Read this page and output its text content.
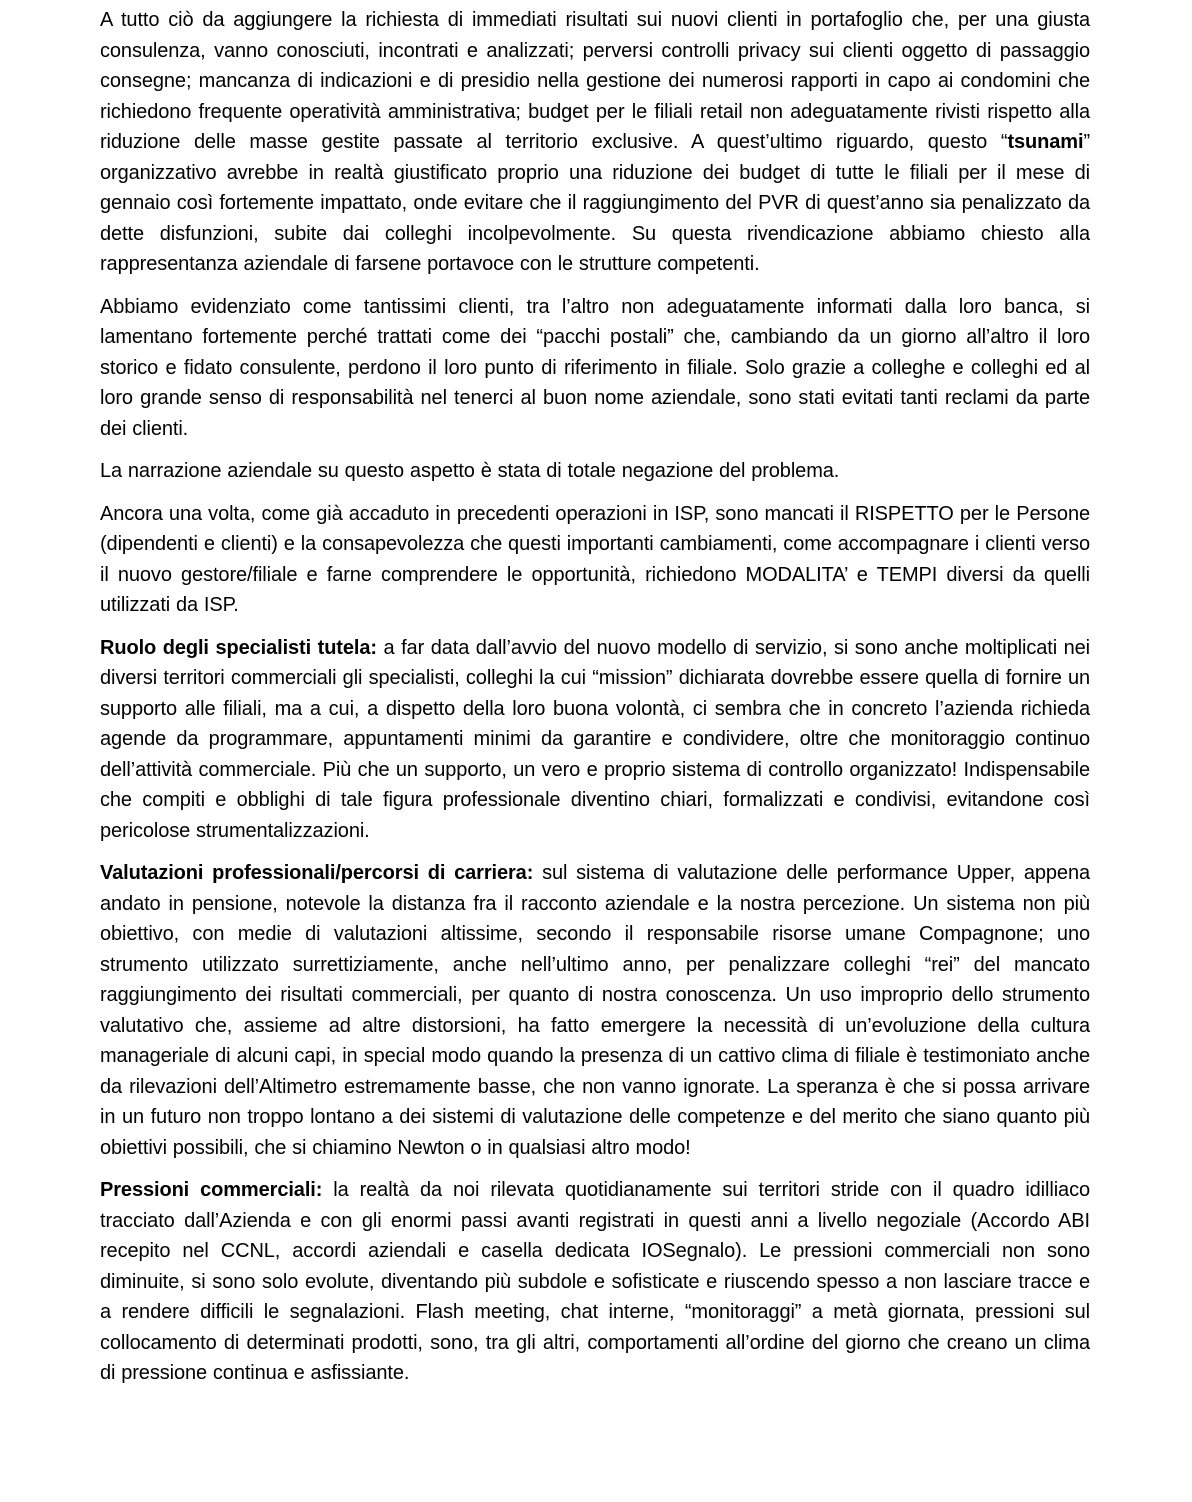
A tutto ciò da aggiungere la richiesta di immediati risultati sui nuovi clienti in portafoglio che, per una giusta consulenza, vanno conosciuti, incontrati e analizzati; perversi controlli privacy sui clienti oggetto di passaggio consegne; mancanza di indicazioni e di presidio nella gestione dei numerosi rapporti in capo ai condomini che richiedono frequente operatività amministrativa; budget per le filiali retail non adeguatamente rivisti rispetto alla riduzione delle masse gestite passate al territorio exclusive. A quest’ultimo riguardo, questo “tsunami” organizzativo avrebbe in realtà giustificato proprio una riduzione dei budget di tutte le filiali per il mese di gennaio così fortemente impattato, onde evitare che il raggiungimento del PVR di quest’anno sia penalizzato da dette disfunzioni, subite dai colleghi incolpevolmente. Su questa rivendicazione abbiamo chiesto alla rappresentanza aziendale di farsene portavoce con le strutture competenti.

Abbiamo evidenziato come tantissimi clienti, tra l’altro non adeguatamente informati dalla loro banca, si lamentano fortemente perché trattati come dei “pacchi postali” che, cambiando da un giorno all’altro il loro storico e fidato consulente, perdono il loro punto di riferimento in filiale. Solo grazie a colleghe e colleghi ed al loro grande senso di responsabilità nel tenerci al buon nome aziendale, sono stati evitati tanti reclami da parte dei clienti.

La narrazione aziendale su questo aspetto è stata di totale negazione del problema.

Ancora una volta, come già accaduto in precedenti operazioni in ISP, sono mancati il RISPETTO per le Persone (dipendenti e clienti) e la consapevolezza che questi importanti cambiamenti, come accompagnare i clienti verso il nuovo gestore/filiale e farne comprendere le opportunità, richiedono MODALITA’ e TEMPI diversi da quelli utilizzati da ISP.

Ruolo degli specialisti tutela: a far data dall’avvio del nuovo modello di servizio, si sono anche moltiplicati nei diversi territori commerciali gli specialisti, colleghi la cui “mission” dichiarata dovrebbe essere quella di fornire un supporto alle filiali, ma a cui, a dispetto della loro buona volontà, ci sembra che in concreto l’azienda richieda agende da programmare, appuntamenti minimi da garantire e condividere, oltre che monitoraggio continuo dell’attività commerciale. Più che un supporto, un vero e proprio sistema di controllo organizzato! Indispensabile che compiti e obblighi di tale figura professionale diventino chiari, formalizzati e condivisi, evitandone così pericolose strumentalizzazioni.

Valutazioni professionali/percorsi di carriera: sul sistema di valutazione delle performance Upper, appena andato in pensione, notevole la distanza fra il racconto aziendale e la nostra percezione. Un sistema non più obiettivo, con medie di valutazioni altissime, secondo il responsabile risorse umane Compagnone; uno strumento utilizzato surrettiziamente, anche nell’ultimo anno, per penalizzare colleghi “rei” del mancato raggiungimento dei risultati commerciali, per quanto di nostra conoscenza. Un uso improprio dello strumento valutativo che, assieme ad altre distorsioni, ha fatto emergere la necessità di un’evoluzione della cultura manageriale di alcuni capi, in special modo quando la presenza di un cattivo clima di filiale è testimoniato anche da rilevazioni dell’Altimetro estremamente basse, che non vanno ignorate. La speranza è che si possa arrivare in un futuro non troppo lontano a dei sistemi di valutazione delle competenze e del merito che siano quanto più obiettivi possibili, che si chiamino Newton o in qualsiasi altro modo!

Pressioni commerciali: la realtà da noi rilevata quotidianamente sui territori stride con il quadro idilliaco tracciato dall’Azienda e con gli enormi passi avanti registrati in questi anni a livello negoziale (Accordo ABI recepito nel CCNL, accordi aziendali e casella dedicata IOSegnalo). Le pressioni commerciali non sono diminuite, si sono solo evolute, diventando più subdole e sofisticate e riuscendo spesso a non lasciare tracce e a rendere difficili le segnalazioni. Flash meeting, chat interne, “monitoraggi” a metà giornata, pressioni sul collocamento di determinati prodotti, sono, tra gli altri, comportamenti all’ordine del giorno che creano un clima di pressione continua e asfissiante.
